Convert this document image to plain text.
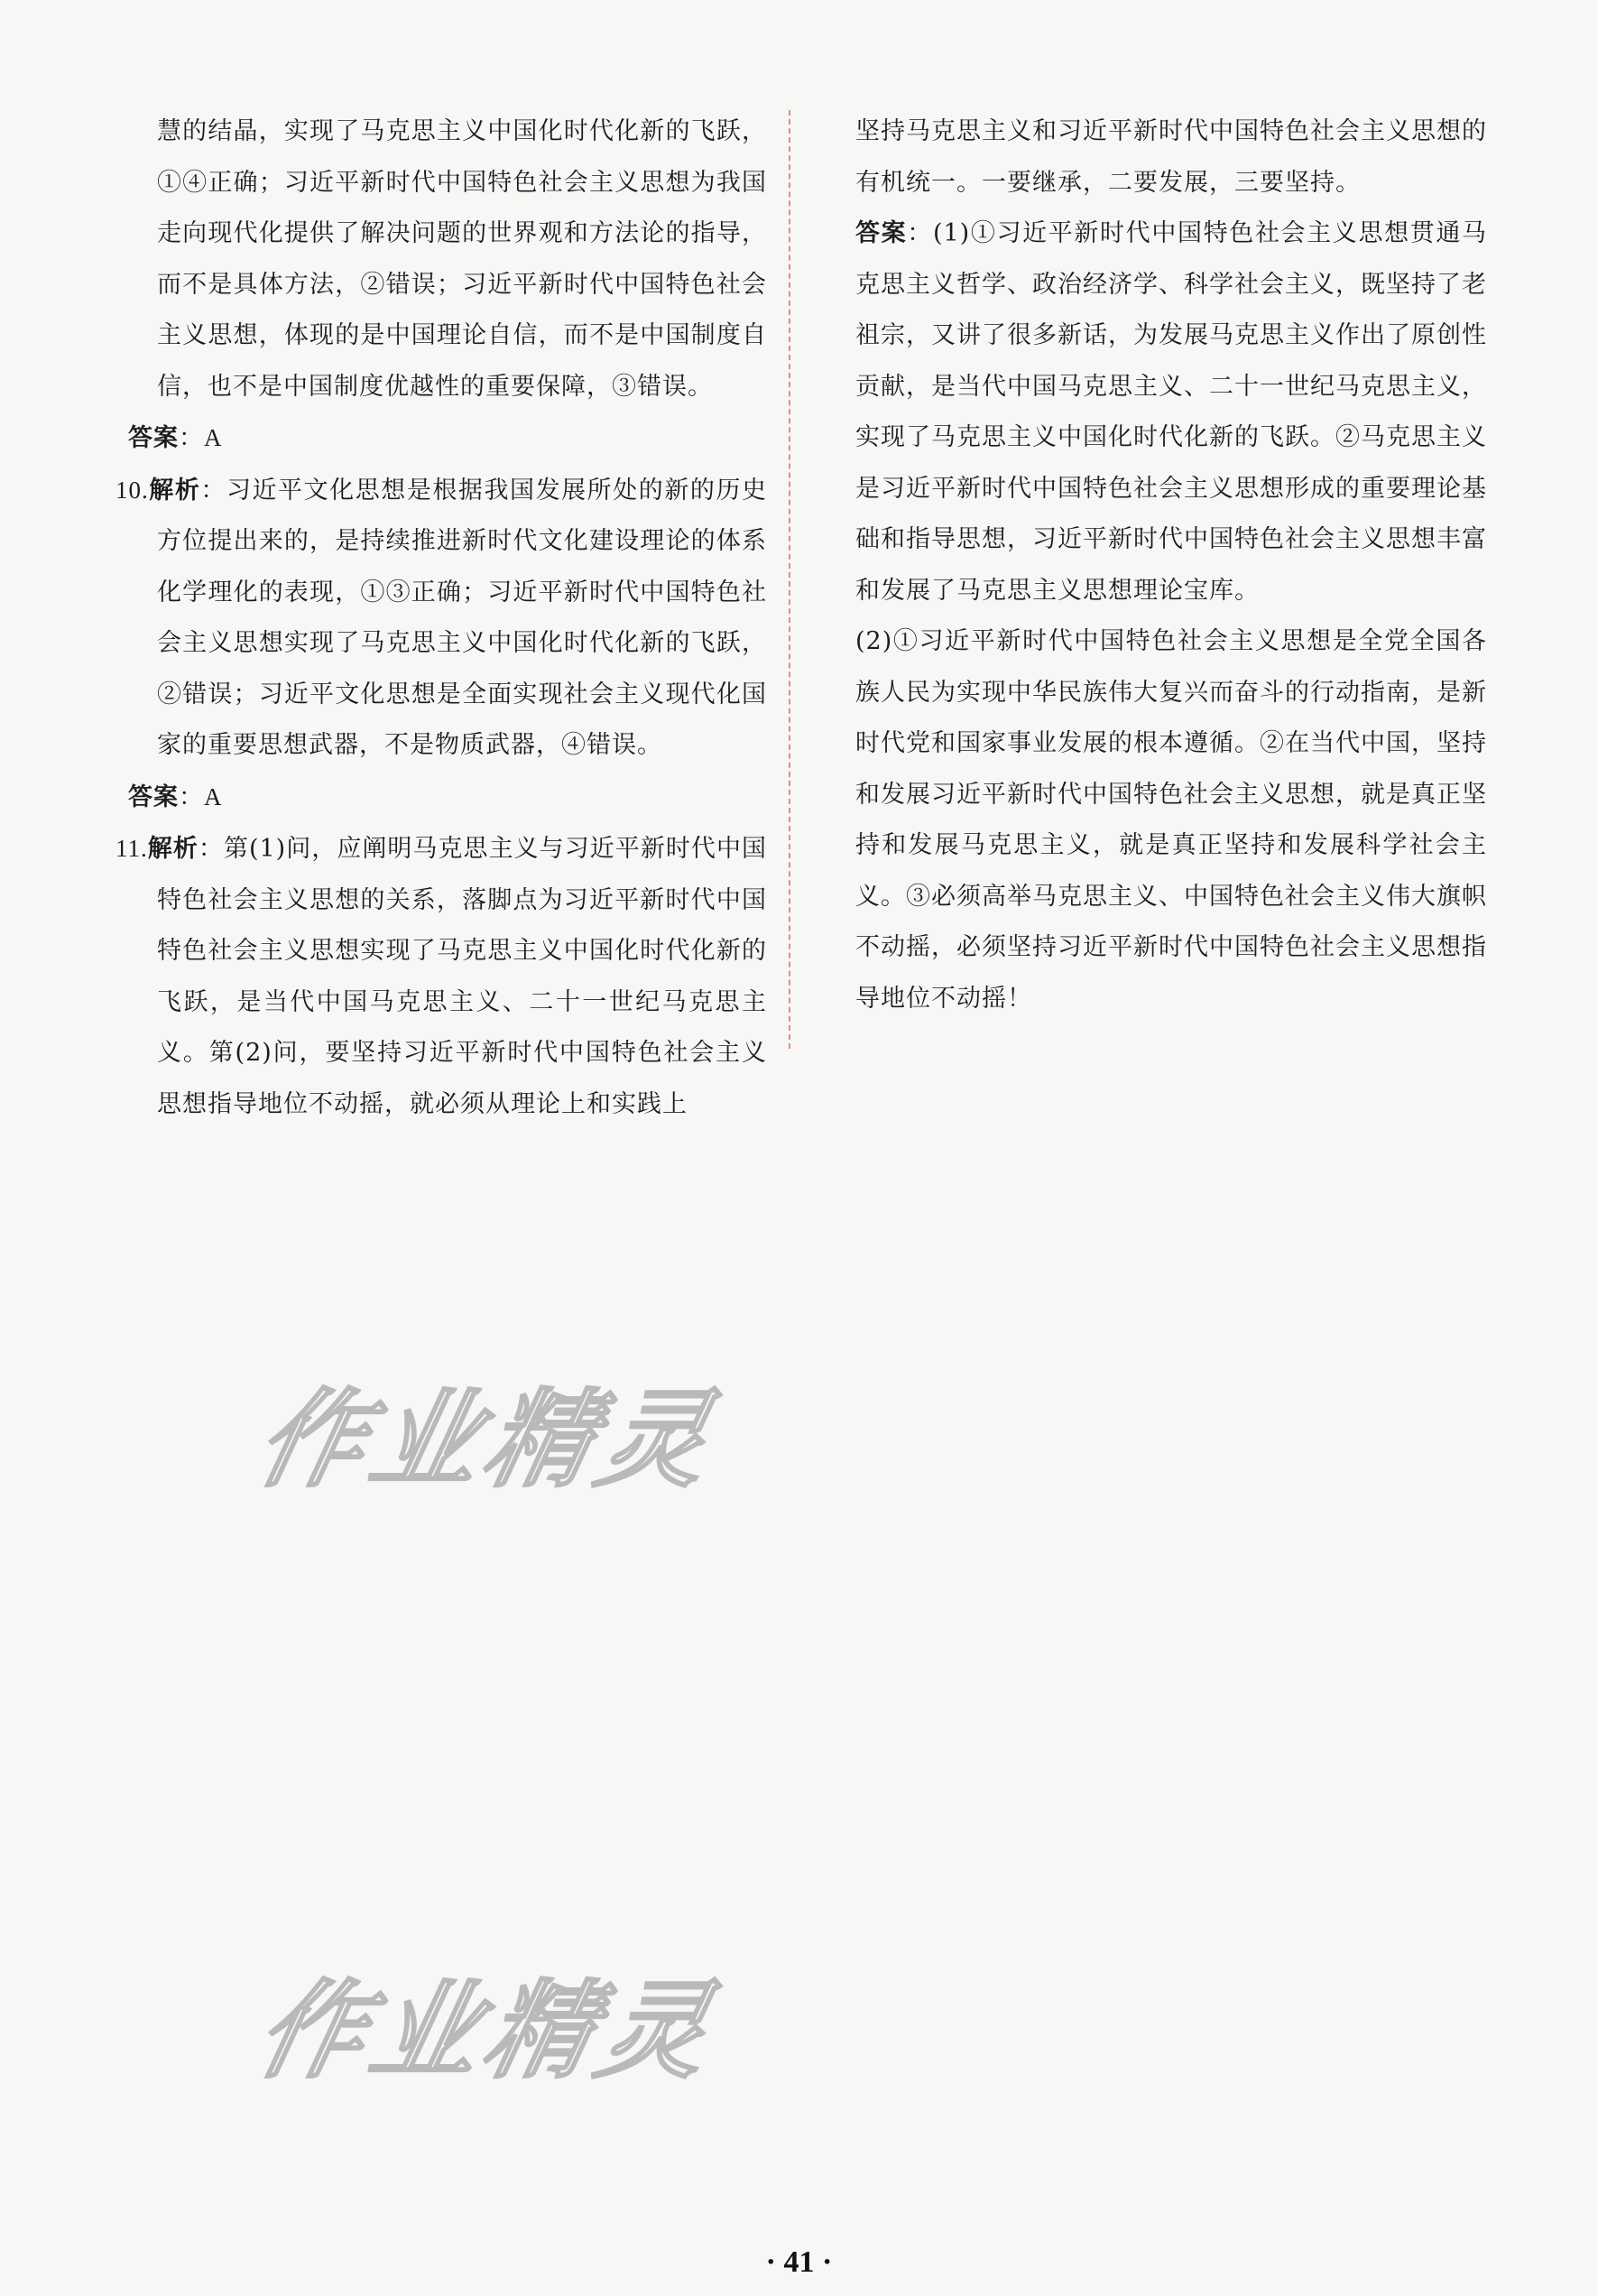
慧的结晶，实现了马克思主义中国化时代化新的飞跃，①④正确；习近平新时代中国特色社会主义思想为我国走向现代化提供了解决问题的世界观和方法论的指导，而不是具体方法，②错误；习近平新时代中国特色社会主义思想，体现的是中国理论自信，而不是中国制度自信，也不是中国制度优越性的重要保障，③错误。

答案：A

10.解析：习近平文化思想是根据我国发展所处的新的历史方位提出来的，是持续推进新时代文化建设理论的体系化学理化的表现，①③正确；习近平新时代中国特色社会主义思想实现了马克思主义中国化时代化新的飞跃，②错误；习近平文化思想是全面实现社会主义现代化国家的重要思想武器，不是物质武器，④错误。

答案：A

11.解析：第(1)问，应阐明马克思主义与习近平新时代中国特色社会主义思想的关系，落脚点为习近平新时代中国特色社会主义思想实现了马克思主义中国化时代化新的飞跃，是当代中国马克思主义、二十一世纪马克思主义。第(2)问，要坚持习近平新时代中国特色社会主义思想指导地位不动摇，就必须从理论上和实践上

坚持马克思主义和习近平新时代中国特色社会主义思想的有机统一。一要继承，二要发展，三要坚持。

答案：(1)①习近平新时代中国特色社会主义思想贯通马克思主义哲学、政治经济学、科学社会主义，既坚持了老祖宗，又讲了很多新话，为发展马克思主义作出了原创性贡献，是当代中国马克思主义、二十一世纪马克思主义，实现了马克思主义中国化时代化新的飞跃。②马克思主义是习近平新时代中国特色社会主义思想形成的重要理论基础和指导思想，习近平新时代中国特色社会主义思想丰富和发展了马克思主义思想理论宝库。

(2)①习近平新时代中国特色社会主义思想是全党全国各族人民为实现中华民族伟大复兴而奋斗的行动指南，是新时代党和国家事业发展的根本遵循。②在当代中国，坚持和发展习近平新时代中国特色社会主义思想，就是真正坚持和发展马克思主义，就是真正坚持和发展科学社会主义。③必须高举马克思主义、中国特色社会主义伟大旗帜不动摇，必须坚持习近平新时代中国特色社会主义思想指导地位不动摇！

作业精灵
作业精灵
· 41 ·
